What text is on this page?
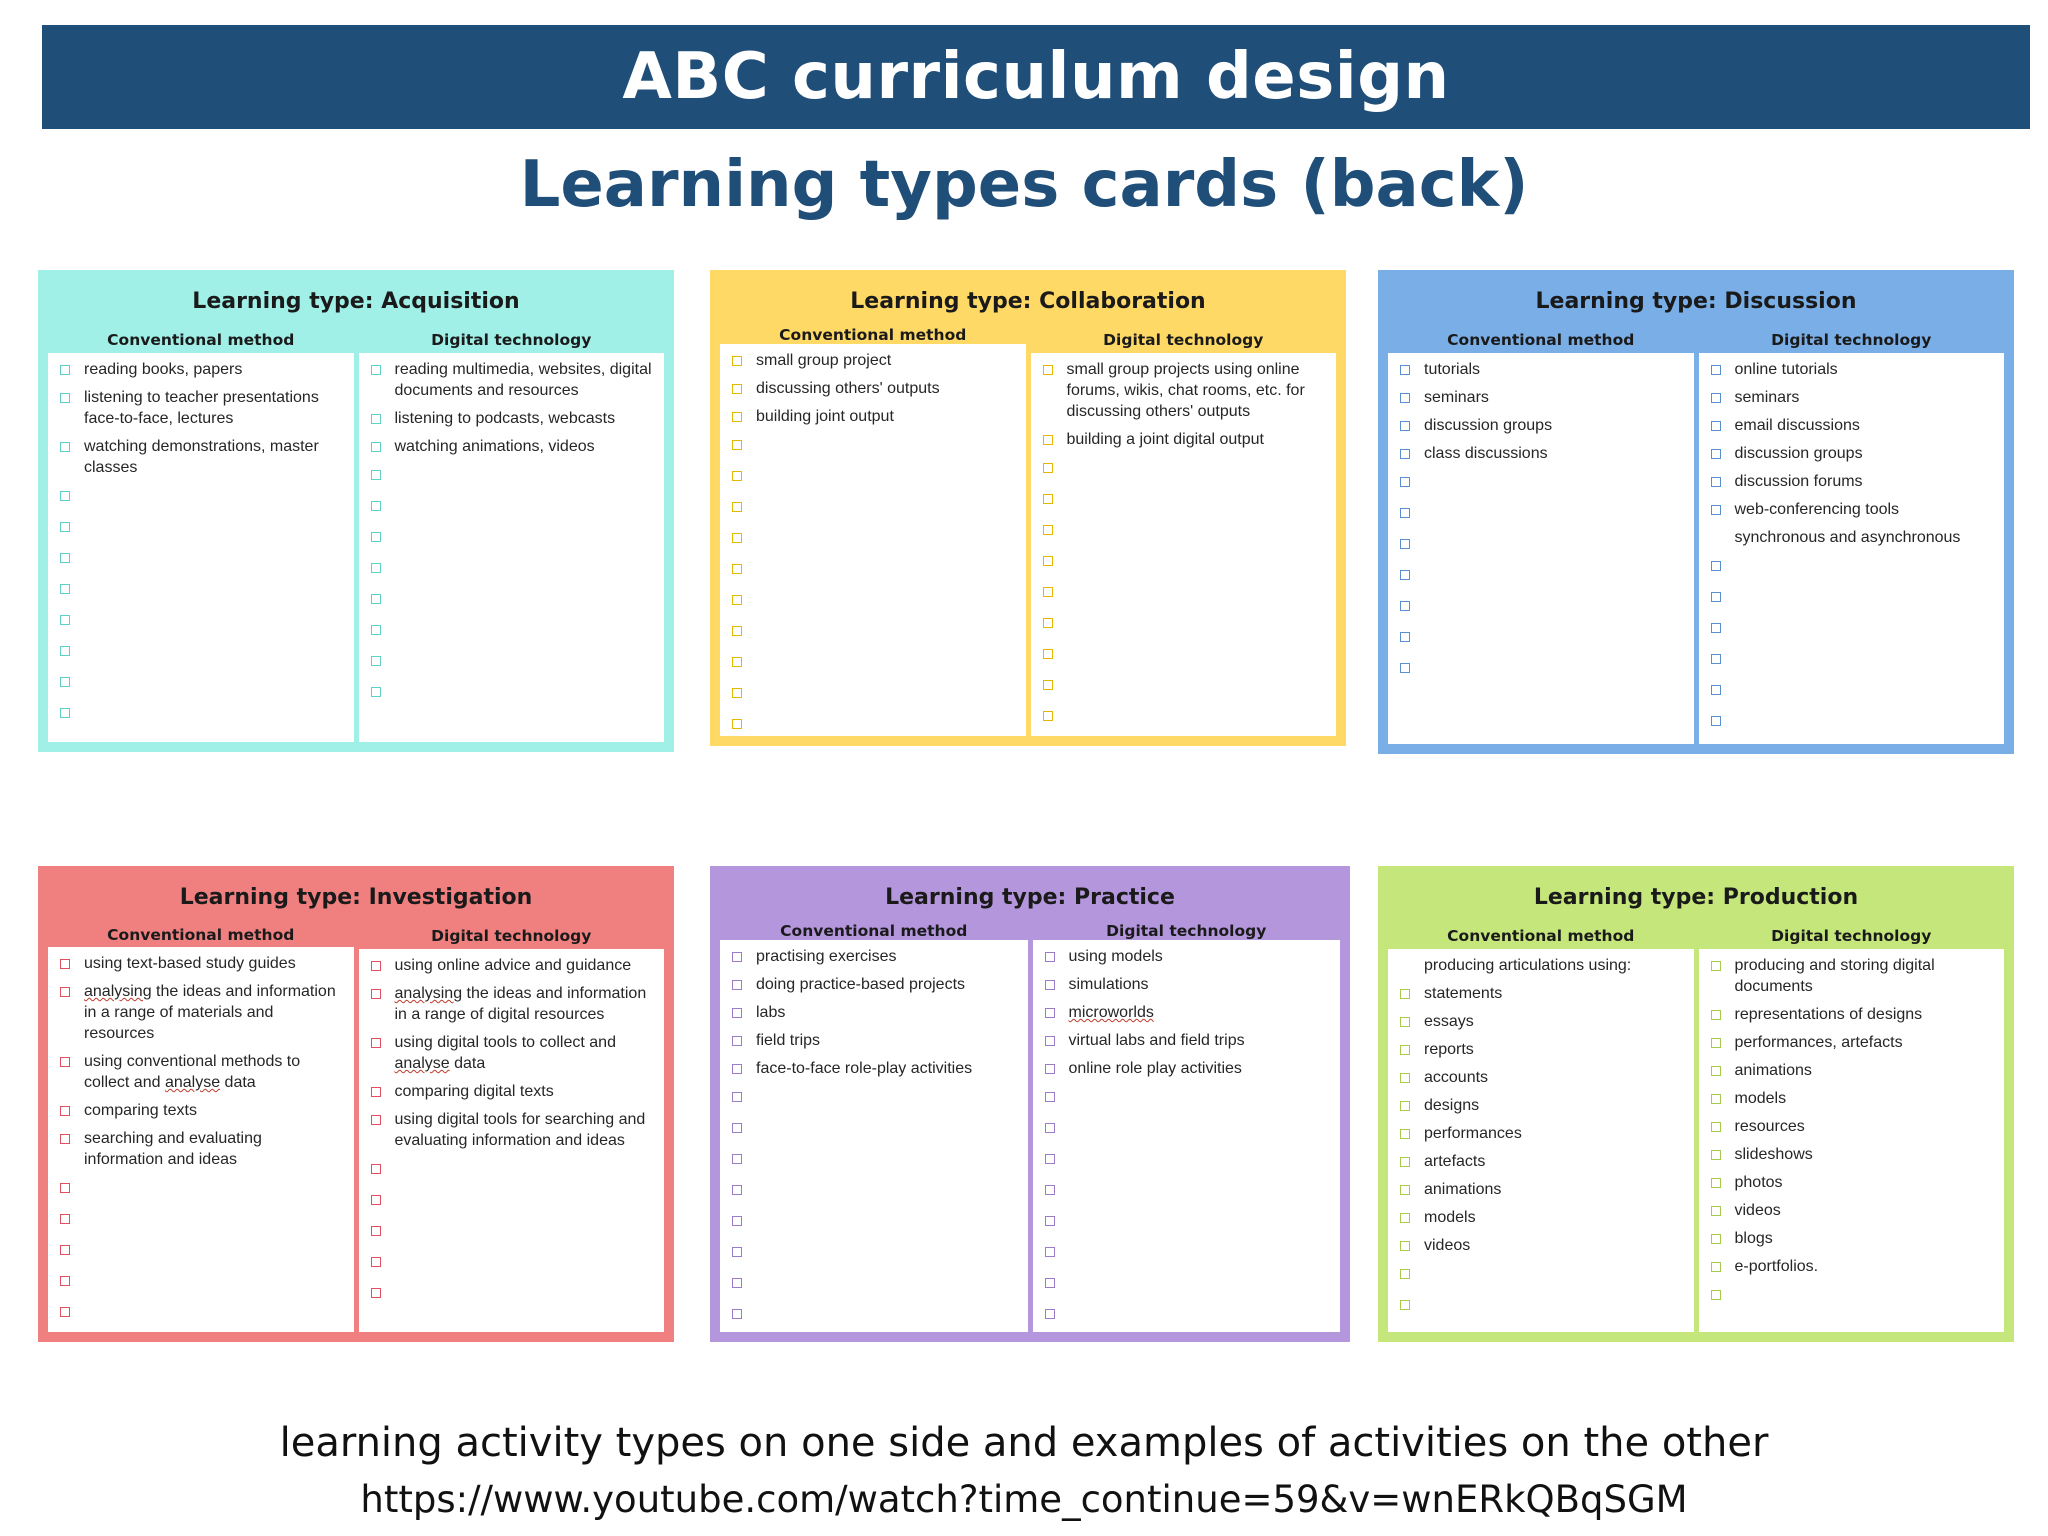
ABC curriculum design
Learning types cards (back)
Learning type: Acquisition
Conventional method
reading books, papers
listening to teacher presentations face-to-face, lectures
watching demonstrations, master classes
Digital technology
reading multimedia, websites, digital documents and resources
listening to podcasts, webcasts
watching animations, videos
Learning type: Collaboration
Conventional method
small group project
discussing others' outputs
building joint output
Digital technology
small group projects using online forums, wikis, chat rooms, etc. for discussing others' outputs
building a joint digital output
Learning type: Discussion
Conventional method
tutorials
seminars
discussion groups
class discussions
Digital technology
online tutorials
seminars
email discussions
discussion groups
discussion forums
web-conferencing tools
synchronous and asynchronous
Learning type: Investigation
Conventional method
using text-based study guides
analysing the ideas and information in a range of materials and resources
using conventional methods to collect and analyse data
comparing texts
searching and evaluating information and ideas
Digital technology
using online advice and guidance
analysing the ideas and information in a range of digital resources
using digital tools to collect and analyse data
comparing digital texts
using digital tools for searching and evaluating information and ideas
Learning type: Practice
Conventional method
practising exercises
doing practice-based projects
labs
field trips
face-to-face role-play activities
Digital technology
using models
simulations
microworlds
virtual labs and field trips
online role play activities
Learning type: Production
Conventional method
producing articulations using:
statements
essays
reports
accounts
designs
performances
artefacts
animations
models
videos
Digital technology
producing and storing digital documents
representations of designs
performances, artefacts
animations
models
resources
slideshows
photos
videos
blogs
e-portfolios.
learning activity types on one side and examples of activities on the other
https://www.youtube.com/watch?time_continue=59&v=wnERkQBqSGM
